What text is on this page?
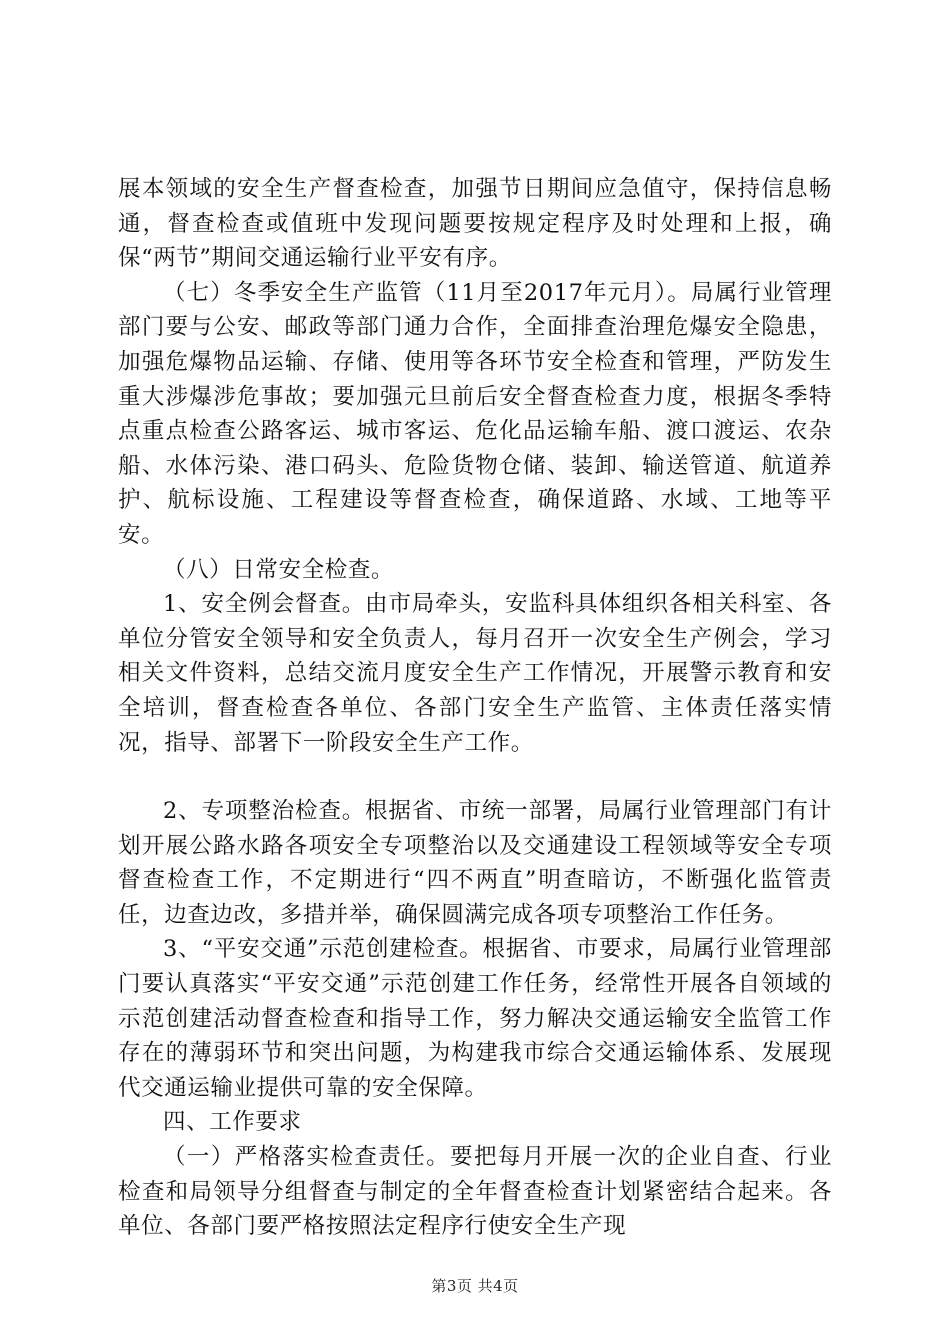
展本领域的安全生产督查检查，加强节日期间应急值守，保持信息畅通，督查检查或值班中发现问题要按规定程序及时处理和上报，确保“两节”期间交通运输行业平安有序。

（七）冬季安全生产监管（11月至2017年元月）。局属行业管理部门要与公安、邮政等部门通力合作，全面排查治理危爆安全隐患，加强危爆物品运输、存储、使用等各环节安全检查和管理，严防发生重大涉爆涉危事故；要加强元旦前后安全督查检查力度，根据冬季特点重点检查公路客运、城市客运、危化品运输车船、渡口渡运、农杂船、水体污染、港口码头、危险货物仓储、装卸、输送管道、航道养护、航标设施、工程建设等督查检查，确保道路、水域、工地等平安。

（八）日常安全检查。

1、安全例会督查。由市局牵头，安监科具体组织各相关科室、各单位分管安全领导和安全负责人，每月召开一次安全生产例会，学习相关文件资料，总结交流月度安全生产工作情况，开展警示教育和安全培训，督查检查各单位、各部门安全生产监管、主体责任落实情况，指导、部署下一阶段安全生产工作。

2、专项整治检查。根据省、市统一部署，局属行业管理部门有计划开展公路水路各项安全专项整治以及交通建设工程领域等安全专项督查检查工作，不定期进行“四不两直”明查暗访，不断强化监管责任，边查边改，多措并举，确保圆满完成各项专项整治工作任务。

3、“平安交通”示范创建检查。根据省、市要求，局属行业管理部门要认真落实“平安交通”示范创建工作任务，经常性开展各自领域的示范创建活动督查检查和指导工作，努力解决交通运输安全监管工作存在的薄弱环节和突出问题，为构建我市综合交通运输体系、发展现代交通运输业提供可靠的安全保障。

四、工作要求

（一）严格落实检查责任。要把每月开展一次的企业自查、行业检查和局领导分组督查与制定的全年督查检查计划紧密结合起来。各单位、各部门要严格按照法定程序行使安全生产现

第3页 共4页
